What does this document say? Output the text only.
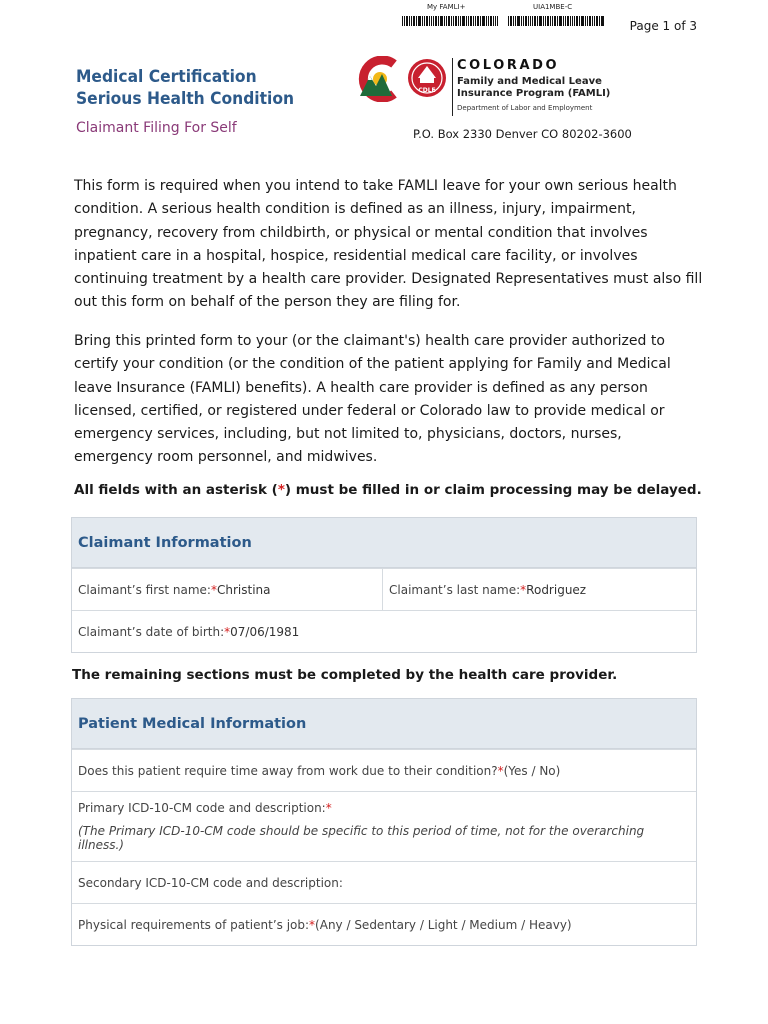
My FAMLI+	UIA1MBE-C
Page 1 of 3
Medical Certification
Serious Health Condition
Claimant Filing For Self
CDLE
COLORADO
Family and Medical Leave
Insurance Program (FAMLI)
Department of Labor and Employment
P.O. Box 2330 Denver CO 80202-3600

This form is required when you intend to take FAMLI leave for your own serious health condition. A serious health condition is defined as an illness, injury, impairment, pregnancy, recovery from childbirth, or physical or mental condition that involves inpatient care in a hospital, hospice, residential medical care facility, or involves continuing treatment by a health care provider. Designated Representatives must also fill out this form on behalf of the person they are filing for.

Bring this printed form to your (or the claimant's) health care provider authorized to certify your condition (or the condition of the patient applying for Family and Medical leave Insurance (FAMLI) benefits). A health care provider is defined as any person licensed, certified, or registered under federal or Colorado law to provide medical or emergency services, including, but not limited to, physicians, doctors, nurses, emergency room personnel, and midwives.

All fields with an asterisk (*) must be filled in or claim processing may be delayed.
Claimant Information
Claimant’s first name: * Christina	Claimant’s last name: * Rodriguez
Claimant’s date of birth: * 07/06/1981
The remaining sections must be completed by the health care provider.
Patient Medical Information
Does this patient require time away from work due to their condition? * (Yes / No)
Primary ICD-10-CM code and description:*
(The Primary ICD-10-CM code should be specific to this period of time, not for the overarching illness.)
Secondary ICD-10-CM code and description:
Physical requirements of patient’s job: * (Any / Sedentary / Light / Medium / Heavy)
